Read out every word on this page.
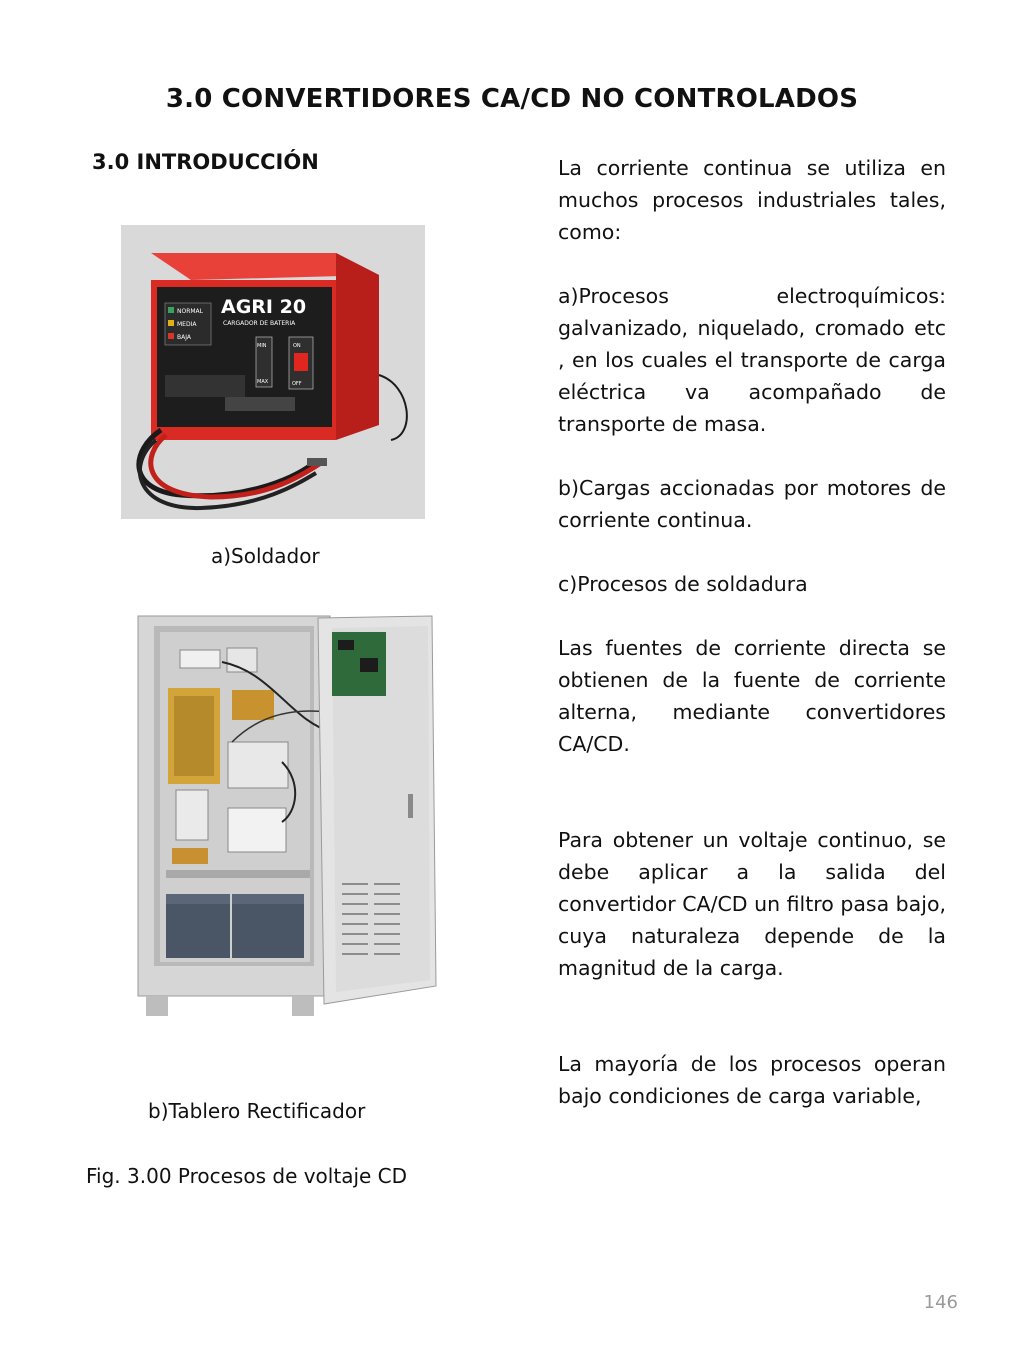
3.0 CONVERTIDORES CA/CD NO CONTROLADOS
3.0 INTRODUCCIÓN
AGRI 20
CARGADOR DE BATERIA
NORMAL
MEDIA
BAJA
MIN
MAX
ON
OFF
a)Soldador
b)Tablero Rectificador
Fig. 3.00 Procesos de voltaje CD

La corriente continua se utiliza en muchos procesos industriales tales, como:

a)Procesos electroquímicos: galvanizado, niquelado, cromado etc , en los cuales el transporte de carga eléctrica va acompañado de transporte de masa.

b)Cargas accionadas por motores de corriente continua.

c)Procesos de soldadura

Las fuentes de corriente directa se obtienen de la fuente de corriente alterna, mediante convertidores CA/CD.

Para obtener un voltaje continuo, se debe aplicar a la salida del convertidor CA/CD un filtro pasa bajo, cuya naturaleza depende de la magnitud de la carga.

La mayoría de los procesos operan bajo condiciones de carga variable,

146
